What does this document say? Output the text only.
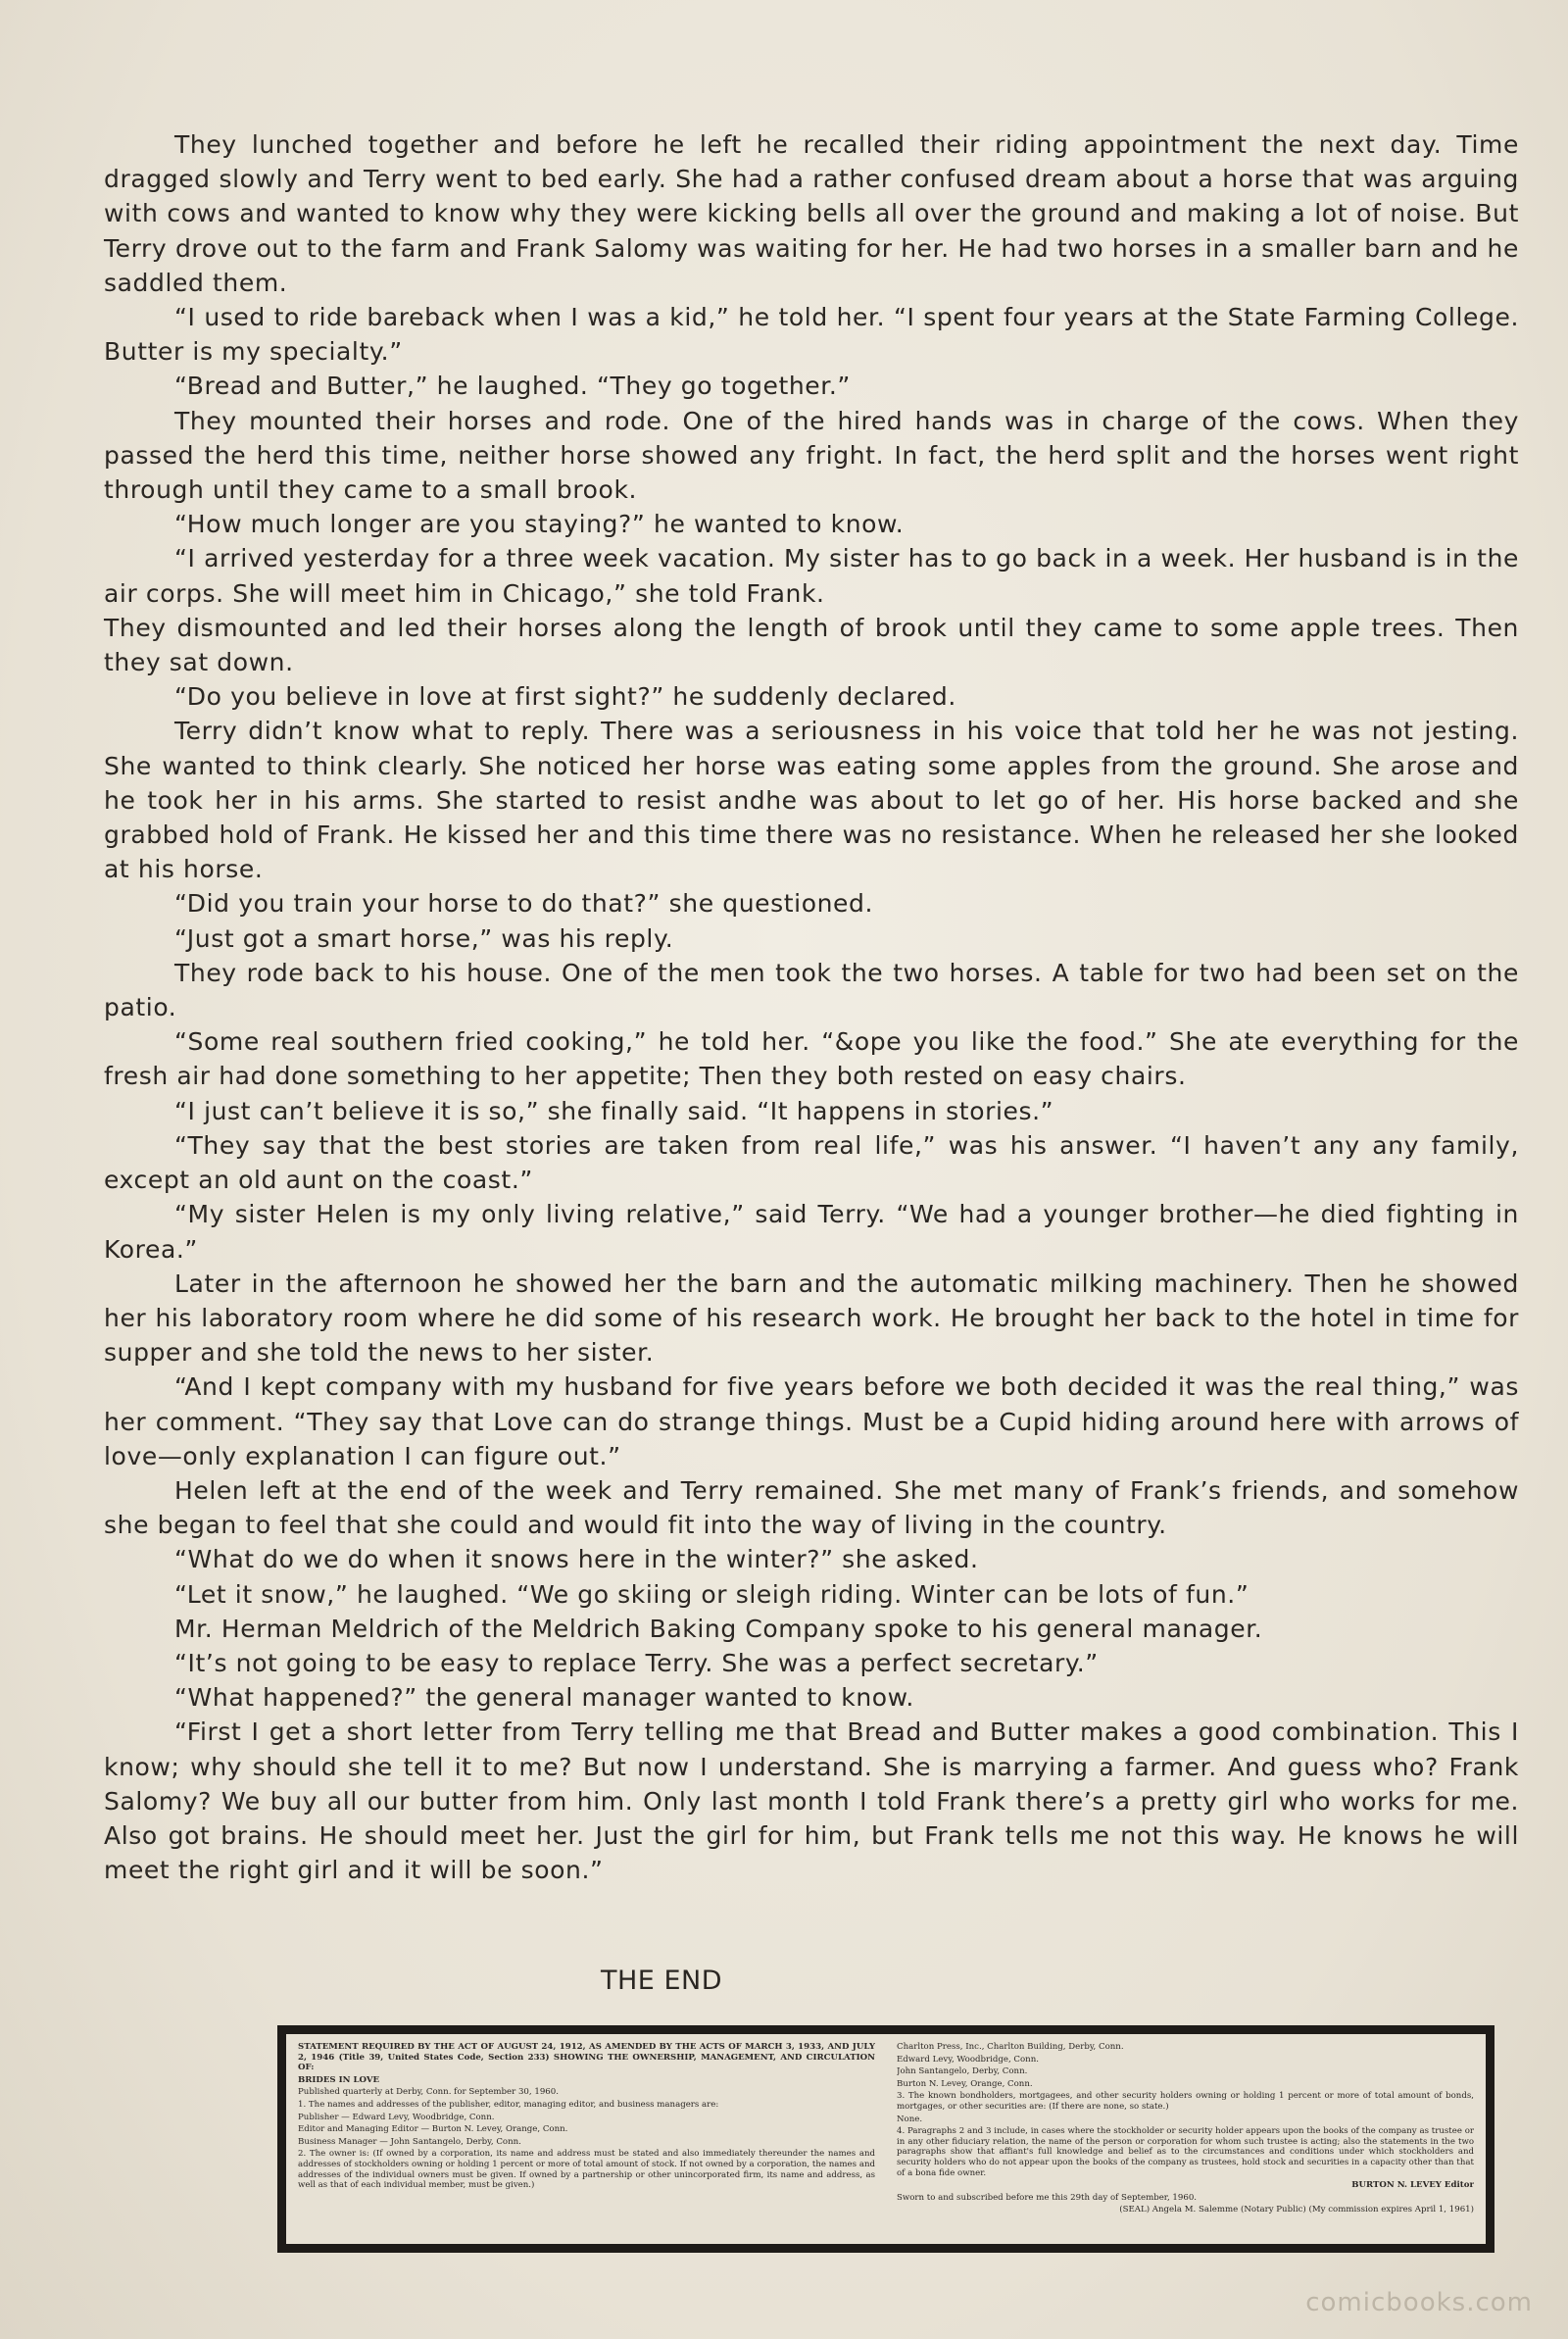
They lunched together and before he left he recalled their riding appointment the next day. Time dragged slowly and Terry went to bed early. She had a rather confused dream about a horse that was arguing with cows and wanted to know why they were kicking bells all over the ground and making a lot of noise. But Terry drove out to the farm and Frank Salomy was waiting for her. He had two horses in a smaller barn and he saddled them.

“I used to ride bareback when I was a kid,” he told her. “I spent four years at the State Farming College. Butter is my specialty.”

“Bread and Butter,” he laughed. “They go together.”

They mounted their horses and rode. One of the hired hands was in charge of the cows. When they passed the herd this time, neither horse showed any fright. In fact, the herd split and the horses went right through until they came to a small brook.

“How much longer are you staying?” he wanted to know.

“I arrived yesterday for a three week vacation. My sister has to go back in a week. Her husband is in the air corps. She will meet him in Chicago,” she told Frank.

They dismounted and led their horses along the length of brook until they came to some apple trees. Then they sat down.

“Do you believe in love at first sight?” he suddenly declared.

Terry didn’t know what to reply. There was a seriousness in his voice that told her he was not jesting. She wanted to think clearly. She noticed her horse was eating some apples from the ground. She arose and he took her in his arms. She started to resist andhe was about to let go of her. His horse backed and she grabbed hold of Frank. He kissed her and this time there was no resistance. When he released her she looked at his horse.

“Did you train your horse to do that?” she questioned.

“Just got a smart horse,” was his reply.

They rode back to his house. One of the men took the two horses. A table for two had been set on the patio.

“Some real southern fried cooking,” he told her. “&ope you like the food.” She ate everything for the fresh air had done something to her appetite; Then they both rested on easy chairs.

“I just can’t believe it is so,” she finally said. “It happens in stories.”

“They say that the best stories are taken from real life,” was his answer. “I haven’t any any family, except an old aunt on the coast.”

“My sister Helen is my only living relative,” said Terry. “We had a younger brother—he died fighting in Korea.”

Later in the afternoon he showed her the barn and the automatic milking machinery. Then he showed her his laboratory room where he did some of his research work. He brought her back to the hotel in time for supper and she told the news to her sister.

“And I kept company with my husband for five years before we both decided it was the real thing,” was her comment. “They say that Love can do strange things. Must be a Cupid hiding around here with arrows of love—only explanation I can figure out.”

Helen left at the end of the week and Terry remained. She met many of Frank’s friends, and somehow she began to feel that she could and would fit into the way of living in the country.

“What do we do when it snows here in the winter?” she asked.

“Let it snow,” he laughed. “We go skiing or sleigh riding. Winter can be lots of fun.”

Mr. Herman Meldrich of the Meldrich Baking Company spoke to his general manager.

“It’s not going to be easy to replace Terry. She was a perfect secretary.”

“What happened?” the general manager wanted to know.

“First I get a short letter from Terry telling me that Bread and Butter makes a good combination. This I know; why should she tell it to me? But now I understand. She is marrying a farmer. And guess who? Frank Salomy? We buy all our butter from him. Only last month I told Frank there’s a pretty girl who works for me. Also got brains. He should meet her. Just the girl for him, but Frank tells me not this way. He knows he will meet the right girl and it will be soon.”

THE END

STATEMENT REQUIRED BY THE ACT OF AUGUST 24, 1912, AS AMENDED BY THE ACTS OF MARCH 3, 1933, AND JULY 2, 1946 (Title 39, United States Code, Section 233) SHOWING THE OWNERSHIP, MANAGEMENT, AND CIRCULATION OF:

BRIDES IN LOVE

Published quarterly at Derby, Conn. for September 30, 1960.

1. The names and addresses of the publisher, editor, managing editor, and business managers are:

Publisher — Edward Levy, Woodbridge, Conn.

Editor and Managing Editor — Burton N. Levey, Orange, Conn.

Business Manager — John Santangelo, Derby, Conn.

2. The owner is: (If owned by a corporation, its name and address must be stated and also immediately thereunder the names and addresses of stockholders owning or holding 1 percent or more of total amount of stock. If not owned by a corporation, the names and addresses of the individual owners must be given. If owned by a partnership or other unincorporated firm, its name and address, as well as that of each individual member, must be given.)

Charlton Press, Inc., Charlton Building, Derby, Conn.

Edward Levy, Woodbridge, Conn.

John Santangelo, Derby, Conn.

Burton N. Levey, Orange, Conn.

3. The known bondholders, mortgagees, and other security holders owning or holding 1 percent or more of total amount of bonds, mortgages, or other securities are: (If there are none, so state.)

None.

4. Paragraphs 2 and 3 include, in cases where the stockholder or security holder appears upon the books of the company as trustee or in any other fiduciary relation, the name of the person or corporation for whom such trustee is acting; also the statements in the two paragraphs show that affiant's full knowledge and belief as to the circumstances and conditions under which stockholders and security holders who do not appear upon the books of the company as trustees, hold stock and securities in a capacity other than that of a bona fide owner.

BURTON N. LEVEY Editor

Sworn to and subscribed before me this 29th day of September, 1960.

(SEAL) Angela M. Salemme (Notary Public) (My commission expires April 1, 1961)

comicbooks.com
